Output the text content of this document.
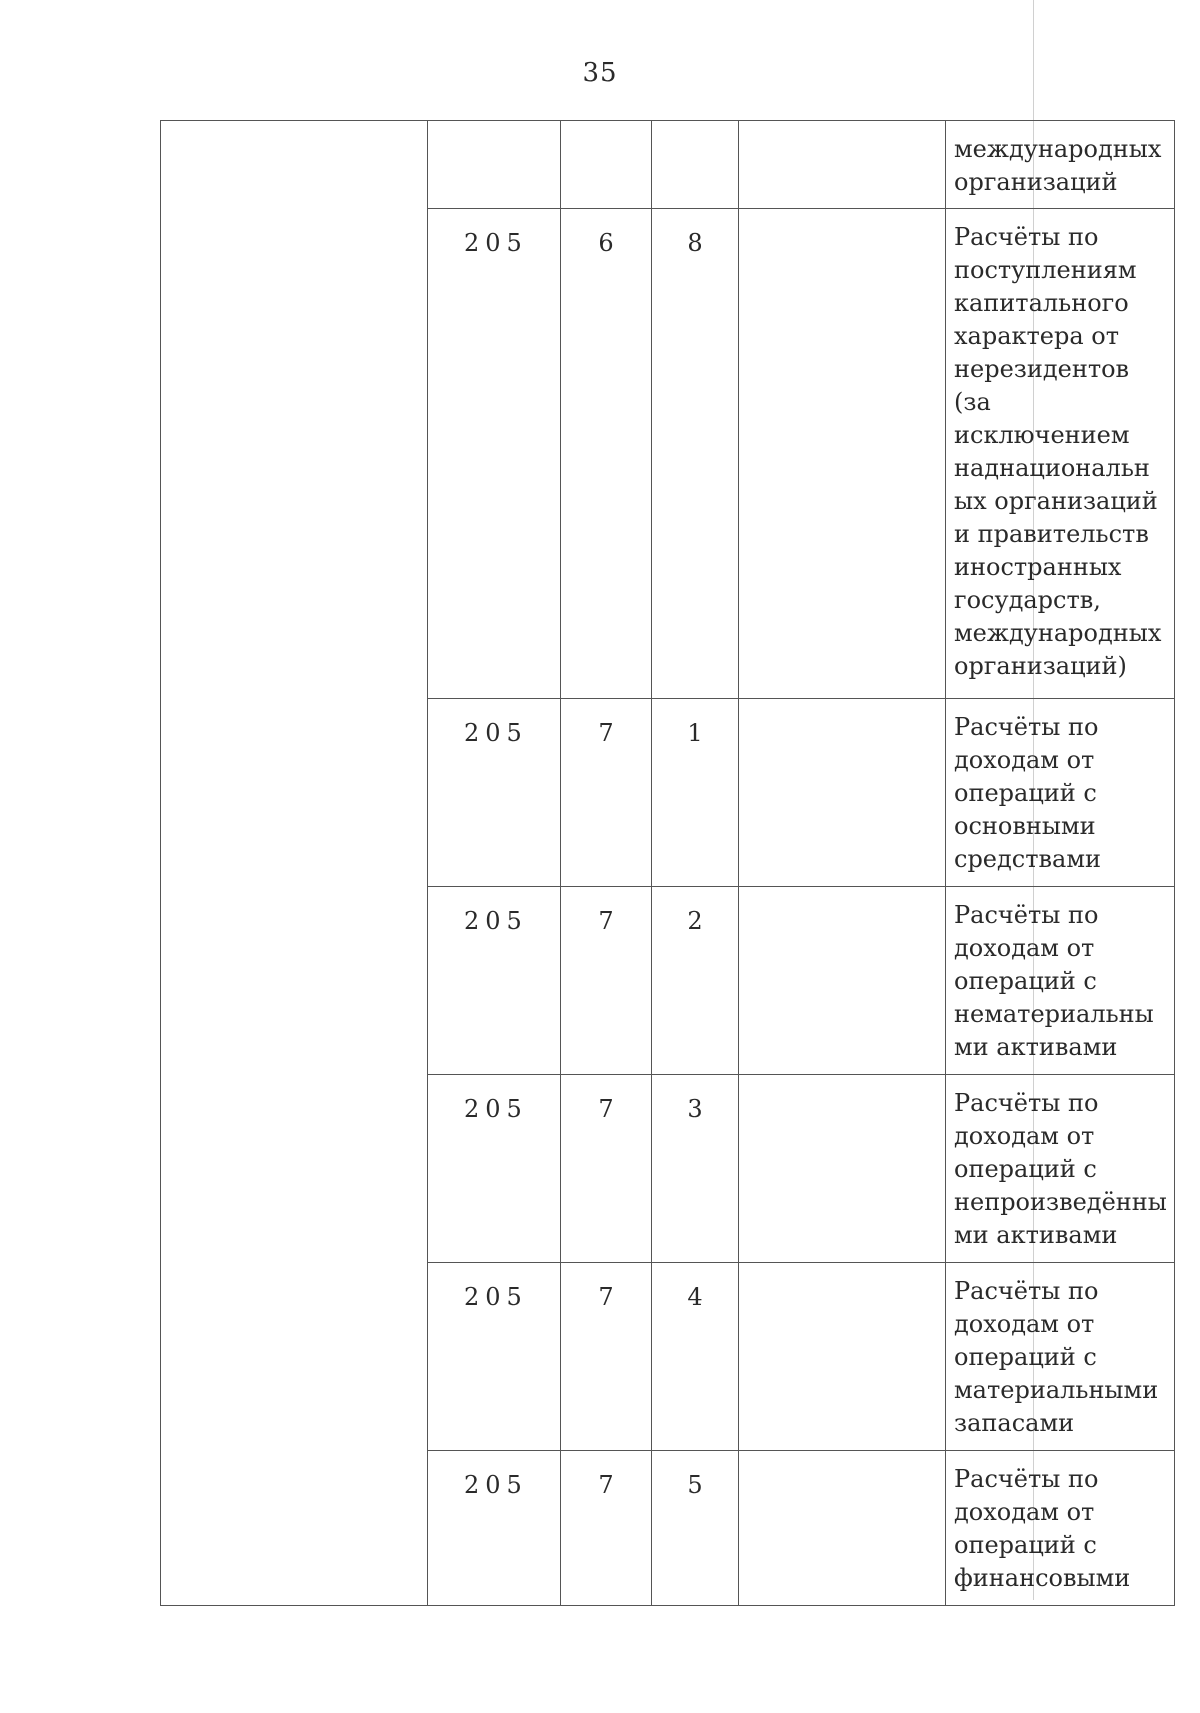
35
					международных организаций
	205	6	8		Расчёты по поступлениям капитального характера от нерезидентов (за исключением наднациональных организаций и правительств иностранных государств, международных организаций)
	205	7	1		Расчёты по доходам от операций с основными средствами
	205	7	2		Расчёты по доходам от операций с нематериальными активами
	205	7	3		Расчёты по доходам от операций с непроизведёнными активами
	205	7	4		Расчёты по доходам от операций с материальными запасами
	205	7	5		Расчёты по доходам от операций с финансовыми
